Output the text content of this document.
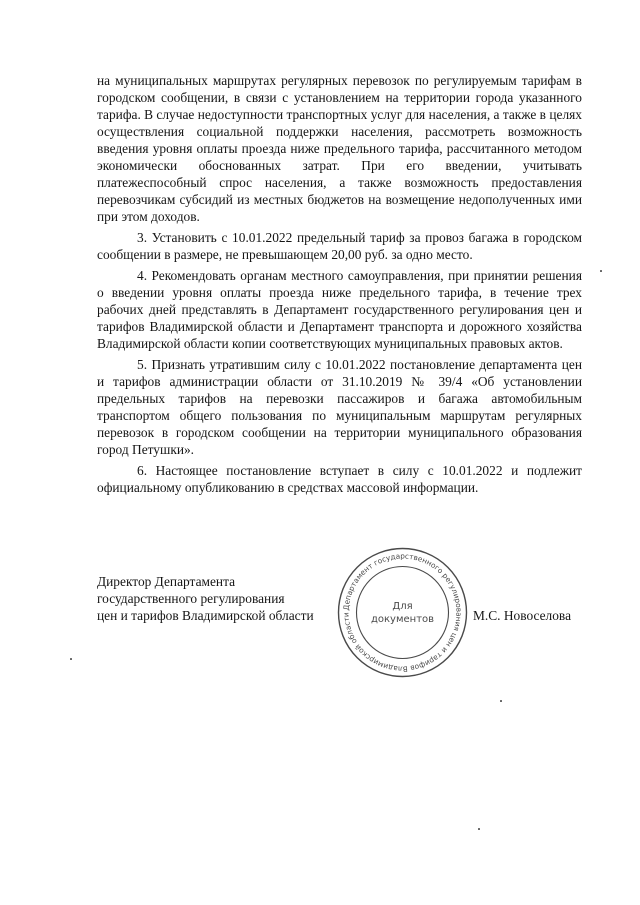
на муниципальных маршрутах регулярных перевозок по регулируемым тарифам в городском сообщении, в связи с установлением на территории города указанного тарифа. В случае недоступности транспортных услуг для населения, а также в целях осуществления социальной поддержки населения, рассмотреть возможность введения уровня оплаты проезда ниже предельного тарифа, рассчитанного методом экономически обоснованных затрат. При его введении, учитывать платежеспособный спрос населения, а также возможность предоставления перевозчикам субсидий из местных бюджетов на возмещение недополученных ими при этом доходов.

3. Установить с 10.01.2022 предельный тариф за провоз багажа в городском сообщении в размере, не превышающем 20,00 руб. за одно место.

4. Рекомендовать органам местного самоуправления, при принятии решения о введении уровня оплаты проезда ниже предельного тарифа, в течение трех рабочих дней представлять в Департамент государственного регулирования цен и тарифов Владимирской области и Департамент транспорта и дорожного хозяйства Владимирской области копии соответствующих муниципальных правовых актов.

5. Признать утратившим силу с 10.01.2022 постановление департамента цен и тарифов администрации области от 31.10.2019 № 39/4 «Об установлении предельных тарифов на перевозки пассажиров и багажа автомобильным транспортом общего пользования по муниципальным маршрутам регулярных перевозок в городском сообщении на территории муниципального образования город Петушки».

6. Настоящее постановление вступает в силу с 10.01.2022 и подлежит официальному опубликованию в средствах массовой информации.

Директор Департамента
государственного регулирования
цен и тарифов Владимирской области	М.С. Новоселова
Департамент государственного регулирования цен и тарифов Владимирской области
Для
документов
